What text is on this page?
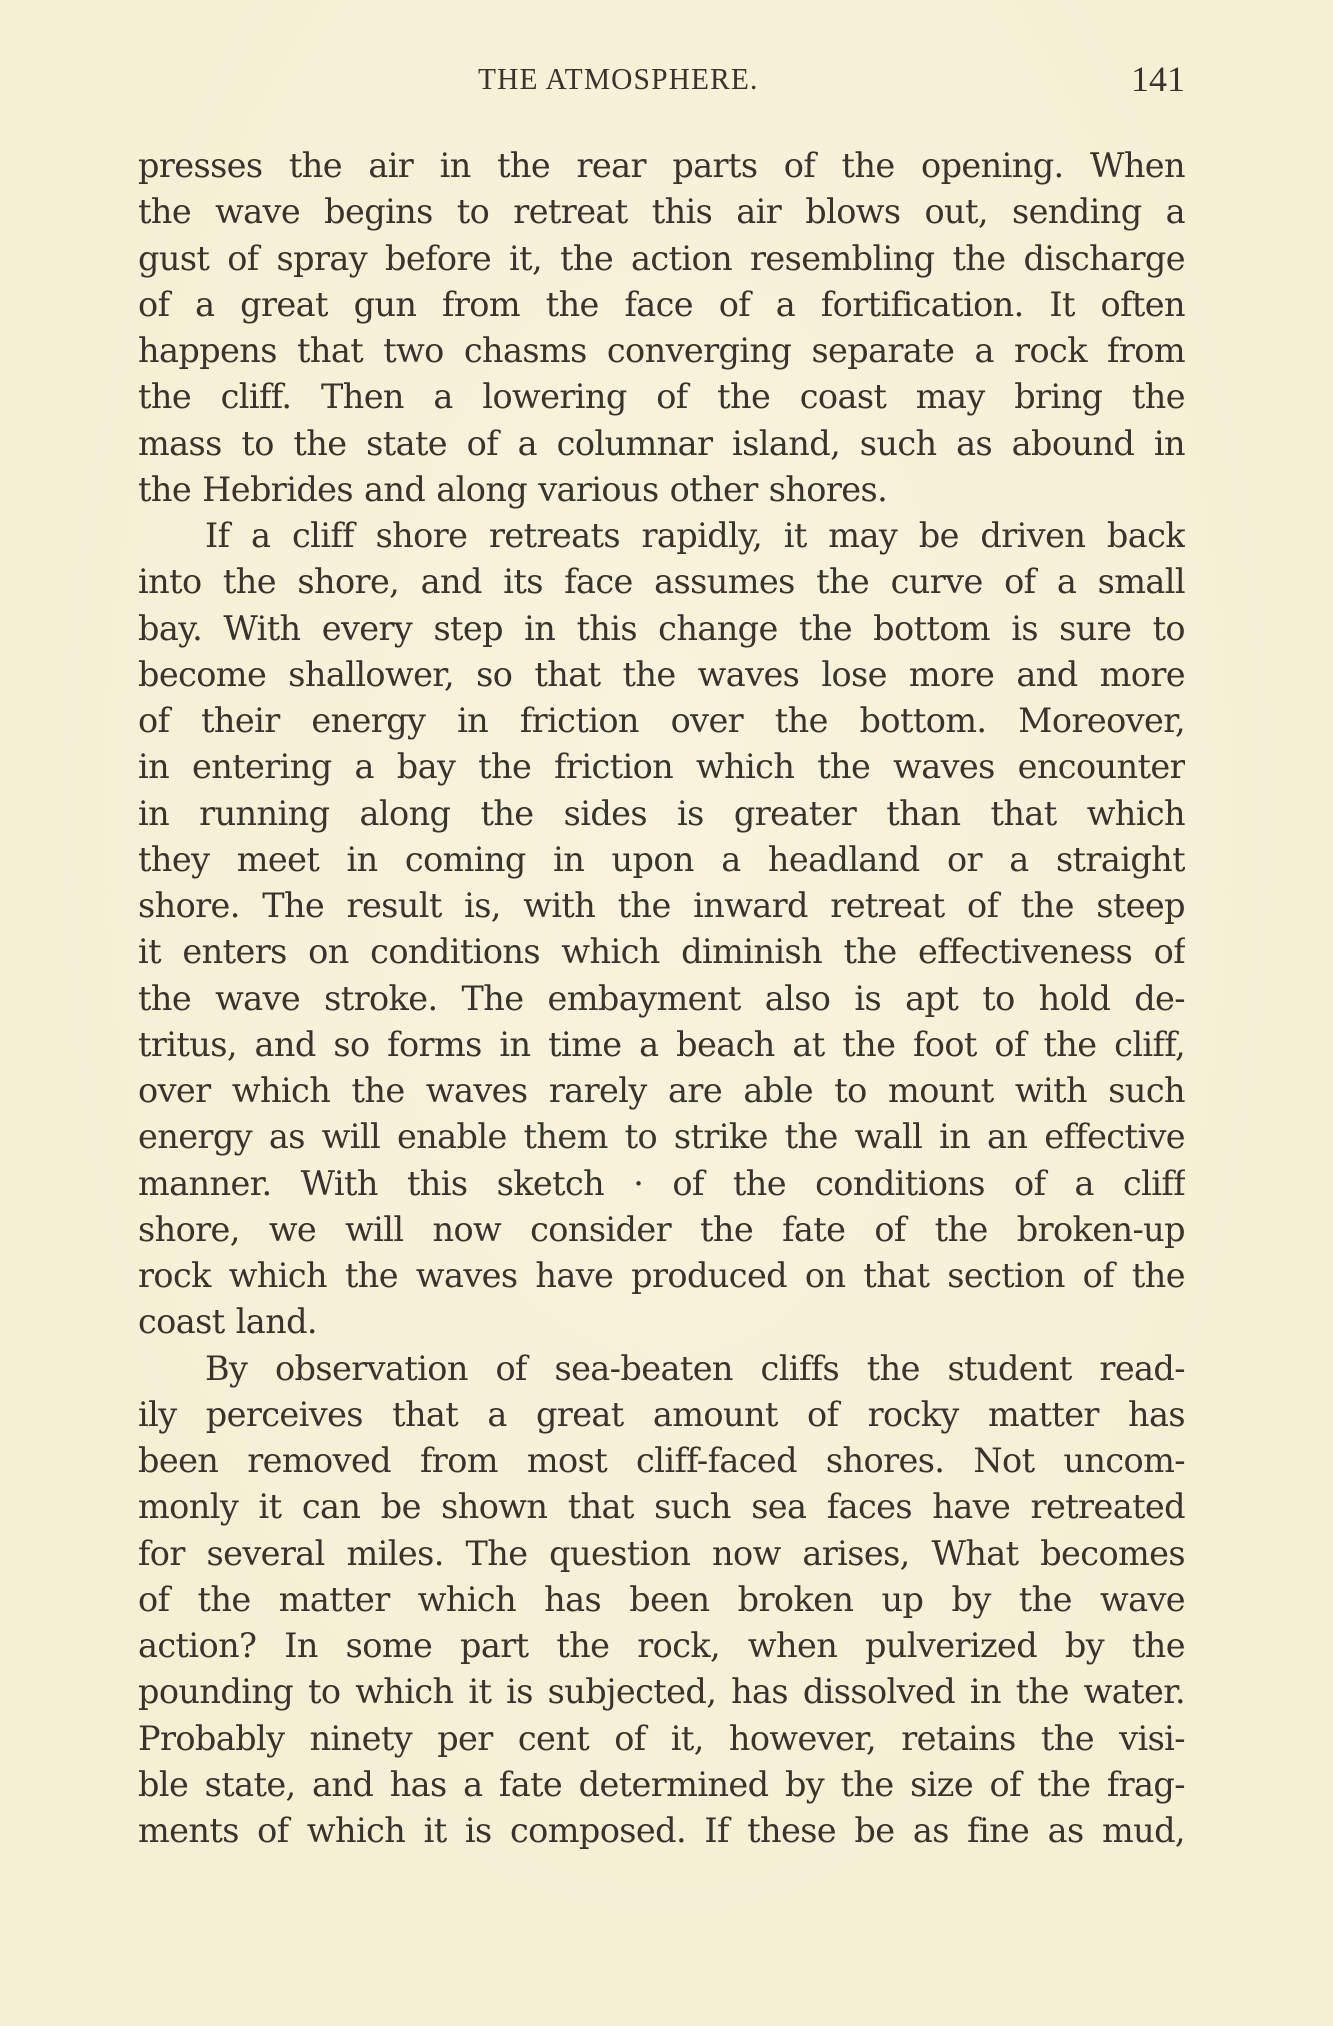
THE ATMOSPHERE.	141
presses the air in the rear parts of the opening. When
the wave begins to retreat this air blows out, sending a
gust of spray before it, the action resembling the discharge
of a great gun from the face of a fortification. It often
happens that two chasms converging separate a rock from
the cliff. Then a lowering of the coast may bring the
mass to the state of a columnar island, such as abound in
the Hebrides and along various other shores.
If a cliff shore retreats rapidly, it may be driven back
into the shore, and its face assumes the curve of a small
bay. With every step in this change the bottom is sure to
become shallower, so that the waves lose more and more
of their energy in friction over the bottom. Moreover,
in entering a bay the friction which the waves encounter
in running along the sides is greater than that which
they meet in coming in upon a headland or a straight
shore. The result is, with the inward retreat of the steep
it enters on conditions which diminish the effectiveness of
the wave stroke. The embayment also is apt to hold de-
tritus, and so forms in time a beach at the foot of the cliff,
over which the waves rarely are able to mount with such
energy as will enable them to strike the wall in an effective
manner. With this sketch · of the conditions of a cliff
shore, we will now consider the fate of the broken-up
rock which the waves have produced on that section of the
coast land.
By observation of sea-beaten cliffs the student read-
ily perceives that a great amount of rocky matter has
been removed from most cliff-faced shores. Not uncom-
monly it can be shown that such sea faces have retreated
for several miles. The question now arises, What becomes
of the matter which has been broken up by the wave
action? In some part the rock, when pulverized by the
pounding to which it is subjected, has dissolved in the water.
Probably ninety per cent of it, however, retains the visi-
ble state, and has a fate determined by the size of the frag-
ments of which it is composed. If these be as fine as mud,
